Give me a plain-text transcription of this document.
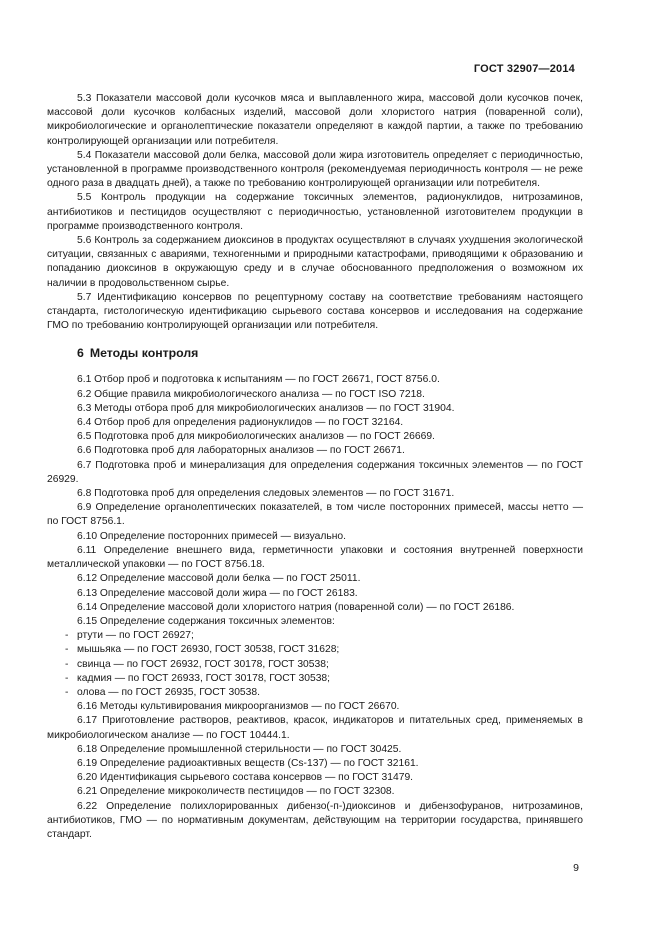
ГОСТ 32907—2014

5.3 Показатели массовой доли кусочков мяса и выплавленного жира, массовой доли кусочков почек, массовой доли кусочков колбасных изделий, массовой доли хлористого натрия (поваренной соли), микробиологические и органолептические показатели определяют в каждой партии, а также по требованию контролирующей организации или потребителя.

5.4 Показатели массовой доли белка, массовой доли жира изготовитель определяет с периодичностью, установленной в программе производственного контроля (рекомендуемая периодичность контроля — не реже одного раза в двадцать дней), а также по требованию контролирующей организации или потребителя.

5.5 Контроль продукции на содержание токсичных элементов, радионуклидов, нитрозаминов, антибиотиков и пестицидов осуществляют с периодичностью, установленной изготовителем продукции в программе производственного контроля.

5.6 Контроль за содержанием диоксинов в продуктах осуществляют в случаях ухудшения экологической ситуации, связанных с авариями, техногенными и природными катастрофами, приводящими к образованию и попаданию диоксинов в окружающую среду и в случае обоснованного предположения о возможном их наличии в продовольственном сырье.

5.7 Идентификацию консервов по рецептурному составу на соответствие требованиям настоящего стандарта, гистологическую идентификацию сырьевого состава консервов и исследования на содержание ГМО по требованию контролирующей организации или потребителя.

6 Методы контроля

6.1 Отбор проб и подготовка к испытаниям — по ГОСТ 26671, ГОСТ 8756.0.

6.2 Общие правила микробиологического анализа — по ГОСТ ISO 7218.

6.3 Методы отбора проб для микробиологических анализов — по ГОСТ 31904.

6.4 Отбор проб для определения радионуклидов — по ГОСТ 32164.

6.5 Подготовка проб для микробиологических анализов — по ГОСТ 26669.

6.6 Подготовка проб для лабораторных анализов — по ГОСТ 26671.

6.7 Подготовка проб и минерализация для определения содержания токсичных элементов — по ГОСТ 26929.

6.8 Подготовка проб для определения следовых элементов — по ГОСТ 31671.

6.9 Определение органолептических показателей, в том числе посторонних примесей, массы нетто — по ГОСТ 8756.1.

6.10 Определение посторонних примесей — визуально.

6.11 Определение внешнего вида, герметичности упаковки и состояния внутренней поверхности металлической упаковки — по ГОСТ 8756.18.

6.12 Определение массовой доли белка — по ГОСТ 25011.

6.13 Определение массовой доли жира — по ГОСТ 26183.

6.14 Определение массовой доли хлористого натрия (поваренной соли) — по ГОСТ 26186.

6.15 Определение содержания токсичных элементов:

- ртути — по ГОСТ 26927;

- мышьяка — по ГОСТ 26930, ГОСТ 30538, ГОСТ 31628;

- свинца — по ГОСТ 26932, ГОСТ 30178, ГОСТ 30538;

- кадмия — по ГОСТ 26933, ГОСТ 30178, ГОСТ 30538;

- олова — по ГОСТ 26935, ГОСТ 30538.

6.16 Методы культивирования микроорганизмов — по ГОСТ 26670.

6.17 Приготовление растворов, реактивов, красок, индикаторов и питательных сред, применяемых в микробиологическом анализе — по ГОСТ 10444.1.

6.18 Определение промышленной стерильности — по ГОСТ 30425.

6.19 Определение радиоактивных веществ (Cs-137) — по ГОСТ 32161.

6.20 Идентификация сырьевого состава консервов — по ГОСТ 31479.

6.21 Определение микроколичеств пестицидов — по ГОСТ 32308.

6.22 Определение полихлорированных дибензо(-п-)диоксинов и дибензофуранов, нитрозаминов, антибиотиков, ГМО — по нормативным документам, действующим на территории государства, принявшего стандарт.

9
